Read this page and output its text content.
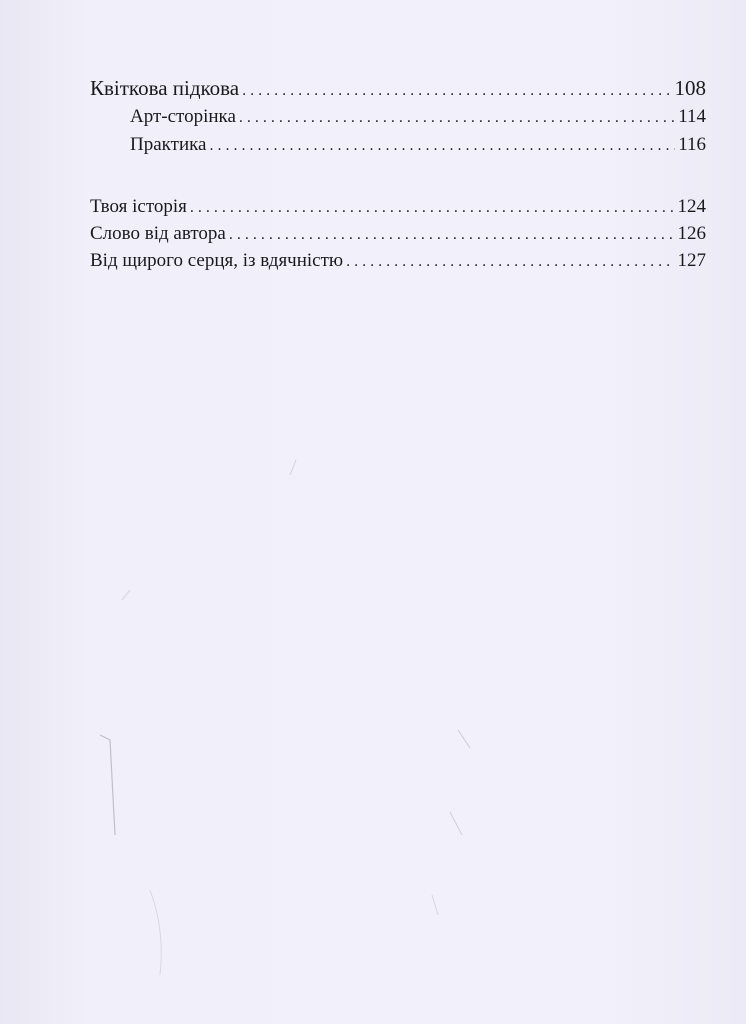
Квіткова підкова . . .	108
Арт-сторінка . . .	114
Практика . . .	116
Твоя історія . . .	124
Слово від автора . . .	126
Від щирого серця, із вдячністю . . .	127
